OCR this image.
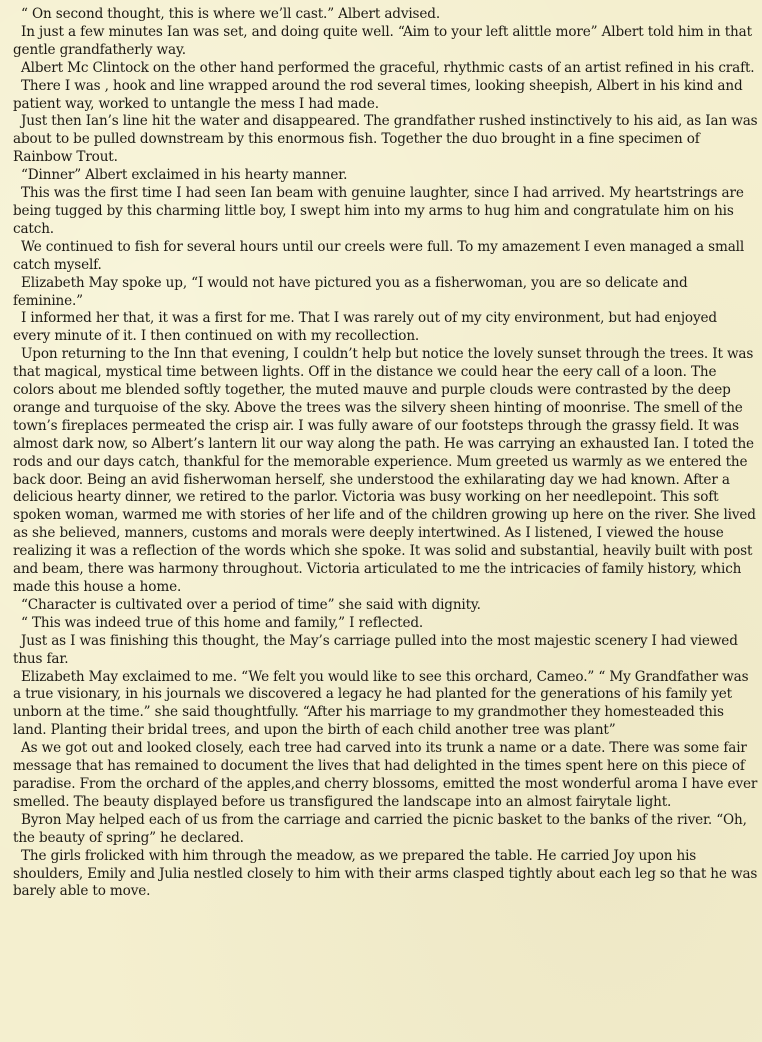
“ On second thought, this is where we’ll cast.” Albert advised.

In just a few minutes Ian was set, and doing quite well. “Aim to your left alittle more” Albert told him in that gentle grandfatherly way.

Albert Mc Clintock on the other hand performed the graceful, rhythmic casts of an artist refined in his craft.

There I was , hook and line wrapped around the rod several times, looking sheepish, Albert in his kind and patient way, worked to untangle the mess I had made.

Just then Ian’s line hit the water and disappeared. The grandfather rushed instinctively to his aid, as Ian was about to be pulled downstream by this enormous fish. Together the duo brought in a fine specimen of Rainbow Trout.

“Dinner” Albert exclaimed in his hearty manner.

This was the first time I had seen Ian beam with genuine laughter, since I had arrived. My heartstrings are being tugged by this charming little boy, I swept him into my arms to hug him and congratulate him on his catch.

We continued to fish for several hours until our creels were full. To my amazement I even managed a small catch myself.

Elizabeth May spoke up, “I would not have pictured you as a fisherwoman, you are so delicate and feminine.”

I informed her that, it was a first for me. That I was rarely out of my city environment, but had enjoyed every minute of it. I then continued on with my recollection.

Upon returning to the Inn that evening, I couldn’t help but notice the lovely sunset through the trees. It was that magical, mystical time between lights. Off in the distance we could hear the eery call of a loon. The colors about me blended softly together, the muted mauve and purple clouds were contrasted by the deep orange and turquoise of the sky. Above the trees was the silvery sheen hinting of moonrise. The smell of the town’s fireplaces permeated the crisp air. I was fully aware of our footsteps through the grassy field. It was almost dark now, so Albert’s lantern lit our way along the path. He was carrying an exhausted Ian. I toted the rods and our days catch, thankful for the memorable experience. Mum greeted us warmly as we entered the back door. Being an avid fisherwoman herself, she understood the exhilarating day we had known. After a delicious hearty dinner, we retired to the parlor. Victoria was busy working on her needlepoint. This soft spoken woman, warmed me with stories of her life and of the children growing up here on the river. She lived as she believed, manners, customs and morals were deeply intertwined. As I listened, I viewed the house realizing it was a reflection of the words which she spoke. It was solid and substantial, heavily built with post and beam, there was harmony throughout. Victoria articulated to me the intricacies of family history, which made this house a home.

“Character is cultivated over a period of time” she said with dignity.

“ This was indeed true of this home and family,” I reflected.

Just as I was finishing this thought, the May’s carriage pulled into the most majestic scenery I had viewed thus far.

Elizabeth May exclaimed to me. “We felt you would like to see this orchard, Cameo.” “ My Grandfather was a true visionary, in his journals we discovered a legacy he had planted for the generations of his family yet unborn at the time.” she said thoughtfully. “After his marriage to my grandmother they homesteaded this land. Planting their bridal trees, and upon the birth of each child another tree was plant”

As we got out and looked closely, each tree had carved into its trunk a name or a date. There was some fair message that has remained to document the lives that had delighted in the times spent here on this piece of paradise. From the orchard of the apples,and cherry blossoms, emitted the most wonderful aroma I have ever smelled. The beauty displayed before us transfigured the landscape into an almost fairytale light.

Byron May helped each of us from the carriage and carried the picnic basket to the banks of the river. “Oh, the beauty of spring” he declared.

The girls frolicked with him through the meadow, as we prepared the table. He carried Joy upon his shoulders, Emily and Julia nestled closely to him with their arms clasped tightly about each leg so that he was barely able to move.
